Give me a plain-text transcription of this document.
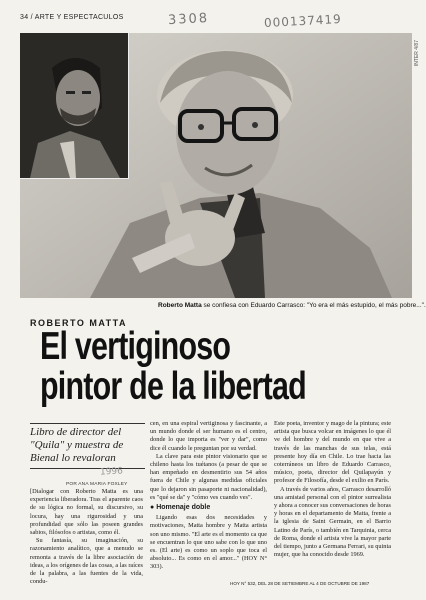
34 / ARTE Y ESPECTACULOS	3308	000137419
INTER 4/87
Roberto Matta se confiesa con Eduardo Carrasco: "Yo era el más estupido, el más pobre...".
ROBERTO MATTA
El vertiginoso
pintor de la libertad
Libro de director del "Quila" y muestra de Bienal lo revaloran
1996
POR ANA MARIA FOXLEY

[Dialogar con Roberto Matta es una experiencia liberadora. Tras el aparente caos de su lógica no formal, su discursivo, su locura, hay una rigurosidad y una profundidad que sólo las poseen grandes sabios, filósofos o artistas, como él.

Su fantasía, su imaginación, su razonamiento analítico, que a menudo se remonta a través de la libre asociación de ideas, a los orígenes de las cosas, a las raíces de la palabra, a las fuentes de la vida, condu-

cen, en una espiral vertiginosa y fascinante, a un mundo donde el ser humano es el centro, donde lo que importa es "ver y dar", como dice él cuando le preguntan por su verdad.

La clave para este pintor visionario que se chileno hasta los tuétanos (a pesar de que se han empeñado en desmentirio sus 54 años fuera de Chile y algunas medidas oficiales que lo dejaron sin pasaporte ni nacionalidad), es "qué se da" y "cómo ves cuando ves".

● Homenaje doble

Ligando esas dos necesidades y motivaciones, Matta hombre y Matta artista son uno mismo. "El arte es el momento ca que se encuentran lo que uno sabe con lo que uno es. (El arte) es como un soplo que toca el absoluto... Es como en el amor..." (HOY N° 303).

Este poeta, inventor y mago de la pintura; este artista que busca volcar en imágenes lo que él ve del hombre y del mundo en que vive a través de las manchas de sus telas, está presente hoy día en Chile. Lo trae hacia las coterráneos un libro de Eduardo Carrasco, músico, poeta, director del Quilapayún y profesor de Filosofía, desde el exilio en París.

A través de varios años, Carrasco desarrolló una amistad personal con el pintor surrealista y ahora a conocer sus conversaciones de horas y horas en el departamento de Matta, frente a la iglesia de Saint Germain, en el Barrio Latino de París, o también en Tarquinia, cerca de Roma, donde el artista vive la mayor parte del tiempo, junto a Germana Ferrari, su quinta mujer, que ha conocido desde 1969.

HOY N° 532, DEL 28 DE SETIEMBRE AL 4 DE OCTUBRE DE 1987
